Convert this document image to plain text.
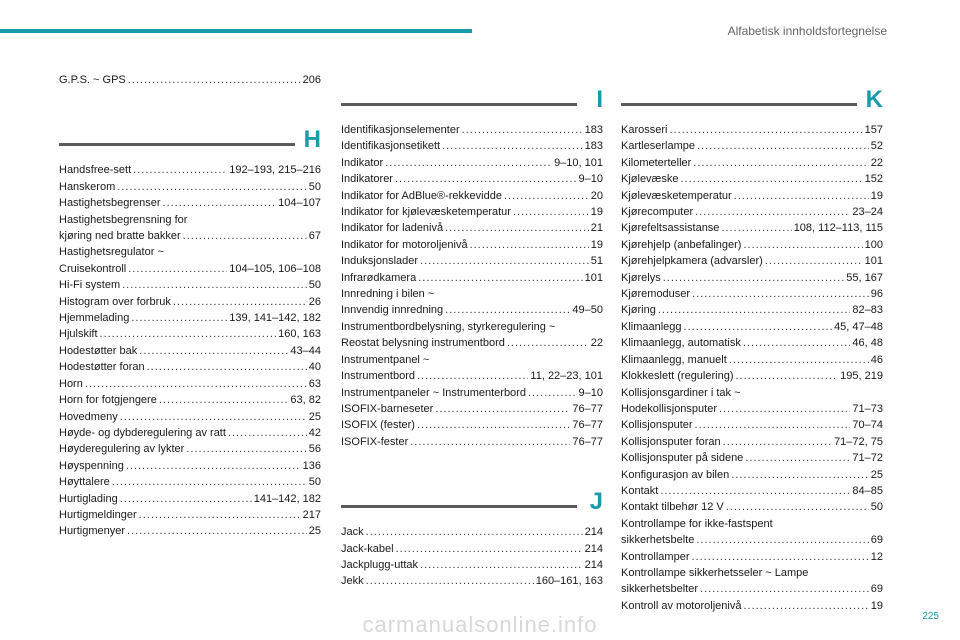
Alfabetisk innholdsfortegnelse
G.P.S. ~ GPS .....	206
H
Handsfree-sett .....	192–193, 215–216
Hanskerom .....	50
Hastighetsbegrenser .....	104–107
Hastighetsbegrensning for
kjøring ned bratte bakker .....	67
Hastighetsregulator ~
Cruisekontroll .....	104–105, 106–108
Hi-Fi system .....	50
Histogram over forbruk .....	26
Hjemmelading .....	139, 141–142, 182
Hjulskift .....	160, 163
Hodestøtter bak .....	43–44
Hodestøtter foran .....	40
Horn .....	63
Horn for fotgjengere .....	63, 82
Hovedmeny .....	25
Høyde- og dybderegulering av ratt .....	42
Høyderegulering av lykter .....	56
Høyspenning .....	136
Høyttalere .....	50
Hurtiglading .....	141–142, 182
Hurtigmeldinger .....	217
Hurtigmenyer .....	25
I
Identifikasjonselementer .....	183
Identifikasjonsetikett .....	183
Indikator .....	9–10, 101
Indikatorer .....	9–10
Indikator for AdBlue®-rekkevidde .....	20
Indikator for kjølevæsketemperatur .....	19
Indikator for ladenivå .....	21
Indikator for motoroljenivå .....	19
Induksjonslader .....	51
Infrarødkamera .....	101
Innredning i bilen ~
Innvendig innredning .....	49–50
Instrumentbordbelysning, styrkeregulering ~
Reostat belysning instrumentbord .....	22
Instrumentpanel ~
Instrumentbord .....	11, 22–23, 101
Instrumentpaneler ~ Instrumenterbord .....	9–10
ISOFIX-barneseter .....	76–77
ISOFIX (fester) .....	76–77
ISOFIX-fester .....	76–77
J
Jack .....	214
Jack-kabel .....	214
Jackplugg-uttak .....	214
Jekk .....	160–161, 163
K
Karosseri .....	157
Kartleserlampe .....	52
Kilometerteller .....	22
Kjølevæske .....	152
Kjølevæsketemperatur .....	19
Kjørecomputer .....	23–24
Kjørefeltsassistanse .....	108, 112–113, 115
Kjørehjelp (anbefalinger) .....	100
Kjørehjelpkamera (advarsler) .....	101
Kjørelys .....	55, 167
Kjøremoduser .....	96
Kjøring .....	82–83
Klimaanlegg .....	45, 47–48
Klimaanlegg, automatisk .....	46, 48
Klimaanlegg, manuelt .....	46
Klokkeslett (regulering) .....	195, 219
Kollisjonsgardiner i tak ~
Hodekollisjonsputer .....	71–73
Kollisjonsputer .....	70–74
Kollisjonsputer foran .....	71–72, 75
Kollisjonsputer på sidene .....	71–72
Konfigurasjon av bilen .....	25
Kontakt .....	84–85
Kontakt tilbehør 12 V .....	50
Kontrollampe for ikke-fastspent
sikkerhetsbelte .....	69
Kontrollamper .....	12
Kontrollampe sikkerhetsseler ~ Lampe
sikkerhetsbelter .....	69
Kontroll av motoroljenivå .....	19
225
carmanualsonline.info
